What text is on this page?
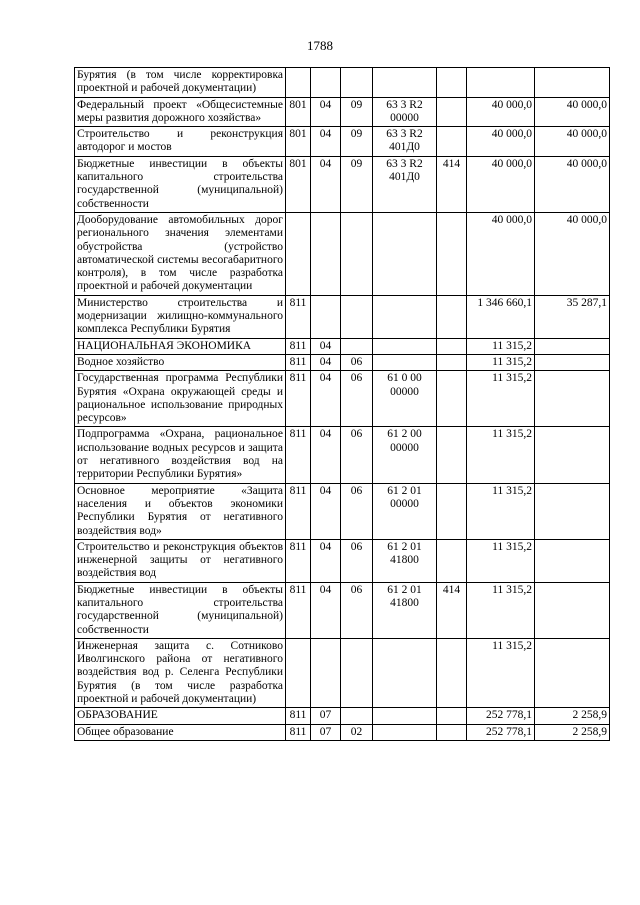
1788
Бурятия (в том числе корректировка проектной и рабочей документации)							
Федеральный проект «Общесистемные меры развития дорожного хозяйства»	801	04	09	63 3 R2 00000		40 000,0	40 000,0
Строительство и реконструкция автодорог и мостов	801	04	09	63 3 R2 401Д0		40 000,0	40 000,0
Бюджетные инвестиции в объекты капитального строительства государственной (муниципальной) собственности	801	04	09	63 3 R2 401Д0	414	40 000,0	40 000,0
Дооборудование автомобильных дорог регионального значения элементами обустройства (устройство автоматической системы весогабаритного контроля), в том числе разработка проектной и рабочей документации						40 000,0	40 000,0
Министерство строительства и модернизации жилищно-коммунального комплекса Республики Бурятия	811					1 346 660,1	35 287,1
НАЦИОНАЛЬНАЯ ЭКОНОМИКА	811	04				11 315,2	
Водное хозяйство	811	04	06			11 315,2	
Государственная программа Республики Бурятия «Охрана окружающей среды и рациональное использование природных ресурсов»	811	04	06	61 0 00 00000		11 315,2	
Подпрограмма «Охрана, рациональное использование водных ресурсов и защита от негативного воздействия вод на территории Республики Бурятия»	811	04	06	61 2 00 00000		11 315,2	
Основное мероприятие «Защита населения и объектов экономики Республики Бурятия от негативного воздействия вод»	811	04	06	61 2 01 00000		11 315,2	
Строительство и реконструкция объектов инженерной защиты от негативного воздействия вод	811	04	06	61 2 01 41800		11 315,2	
Бюджетные инвестиции в объекты капитального строительства государственной (муниципальной) собственности	811	04	06	61 2 01 41800	414	11 315,2	
Инженерная защита с. Сотниково Иволгинского района от негативного воздействия вод р. Селенга Республики Бурятия (в том числе разработка проектной и рабочей документации)						11 315,2	
ОБРАЗОВАНИЕ	811	07				252 778,1	2 258,9
Общее образование	811	07	02			252 778,1	2 258,9
